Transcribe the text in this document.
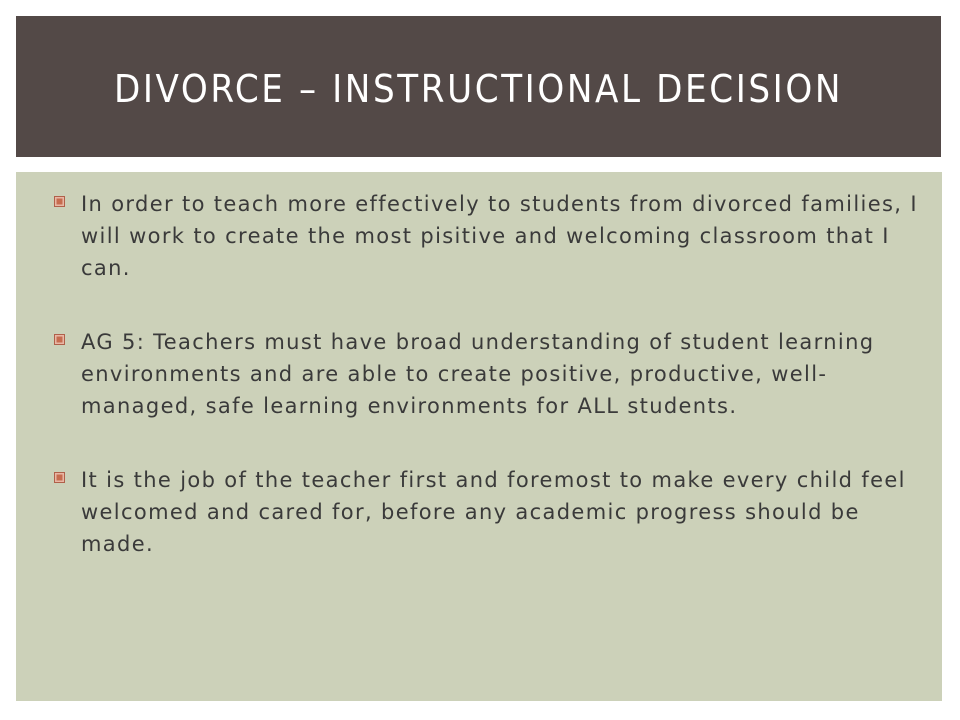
DIVORCE – INSTRUCTIONAL DECISION
In order to teach more effectively to students from divorced families, I will work to create the most pisitive and welcoming classroom that I can.
AG 5: Teachers must have broad understanding of student learning environments and are able to create positive, productive, well-managed, safe learning environments for ALL students.
It is the job of the teacher first and foremost to make every child feel welcomed and cared for, before any academic progress should be made.
